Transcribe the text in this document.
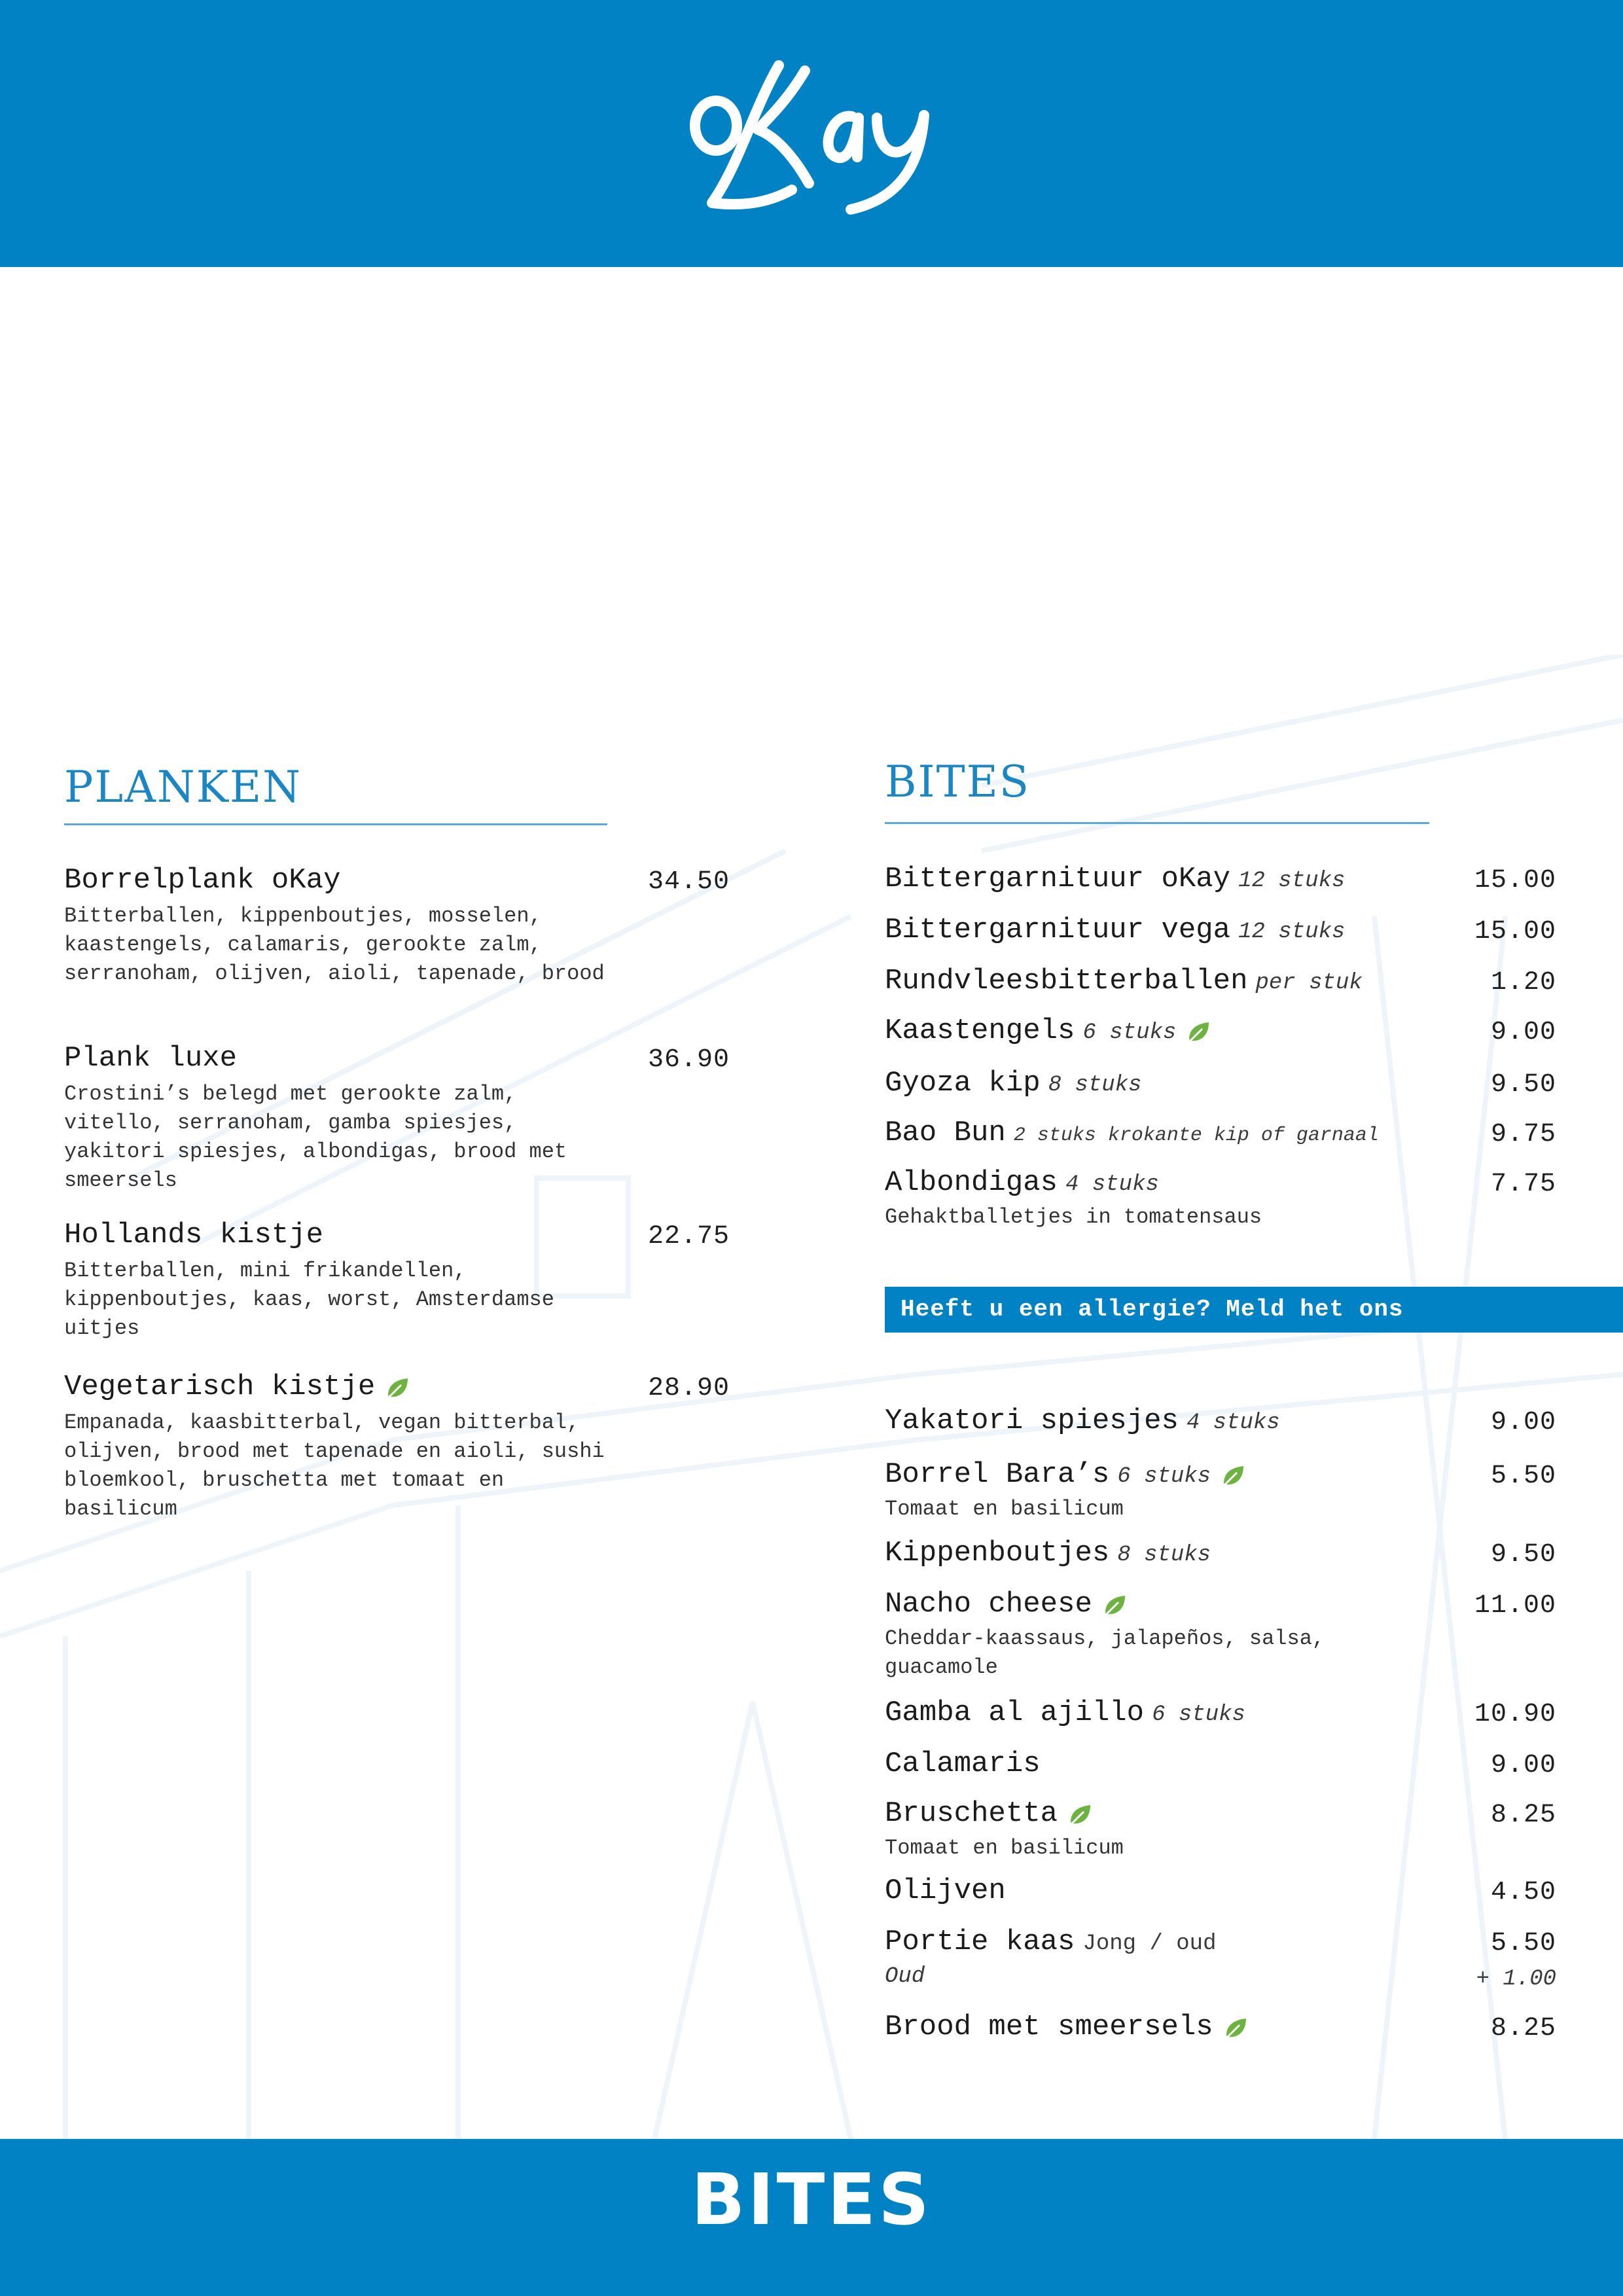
PLANKEN
Borrelplank oKay	34.50
Bitterballen, kippenboutjes, mosselen, kaastengels, calamaris, gerookte zalm, serranoham, olijven, aioli, tapenade, brood
Plank luxe	36.90
Crostini’s belegd met gerookte zalm, vitello, serranoham, gamba spiesjes, yakitori spiesjes, albondigas, brood met smeersels
Hollands kistje	22.75
Bitterballen, mini frikandellen, kippenboutjes, kaas, worst, Amsterdamse uitjes
Vegetarisch kistje	28.90
Empanada, kaasbitterbal, vegan bitterbal, olijven, brood met tapenade en aioli, sushi bloemkool, bruschetta met tomaat en basilicum
BITES
Bittergarnituur oKay 12 stuks	15.00
Bittergarnituur vega 12 stuks	15.00
Rundvleesbitterballen per stuk	1.20
Kaastengels 6 stuks	9.00
Gyoza kip 8 stuks	9.50
Bao Bun 2 stuks krokante kip of garnaal	9.75
Albondigas 4 stuks	7.75
Gehaktballetjes in tomatensaus
Heeft u een allergie? Meld het ons
Yakatori spiesjes 4 stuks	9.00
Borrel Bara’s 6 stuks	5.50
Tomaat en basilicum
Kippenboutjes 8 stuks	9.50
Nacho cheese	11.00
Cheddar-kaassaus, jalapeños, salsa, guacamole
Gamba al ajillo 6 stuks	10.90
Calamaris	9.00
Bruschetta	8.25
Tomaat en basilicum
Olijven	4.50
Portie kaas Jong / oud	5.50
Oud	+ 1.00
Brood met smeersels	8.25
BITES
